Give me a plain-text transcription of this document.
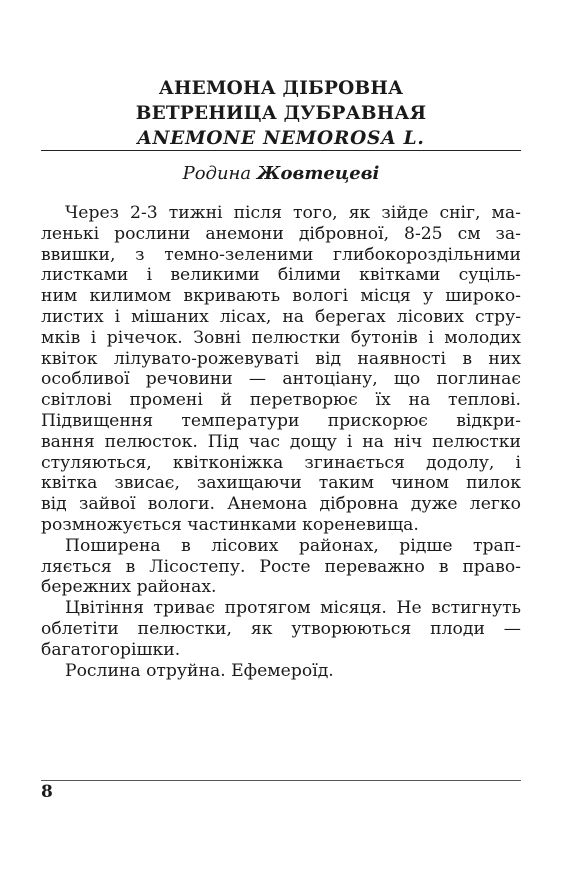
АНЕМОНА ДІБРОВНА
ВЕТРЕНИЦА ДУБРАВНАЯ
ANEMONE NEMOROSA L.
Родина Жовтецеві
Через 2-3 тижні після того, як зійде сніг, ма-
ленькі рослини анемони дібровної, 8-25 см за-
ввишки, з темно-зеленими глибокороздільними
листками і великими білими квітками суціль-
ним килимом вкривають вологі місця у широко-
листих і мішаних лісах, на берегах лісових стру-
мків і річечок. Зовні пелюстки бутонів і молодих
квіток лілувато-рожевуваті від наявності в них
особливої речовини — антоціану, що поглинає
світлові промені й перетворює їх на теплові.
Підвищення температури прискорює відкри-
вання пелюсток. Під час дощу і на ніч пелюстки
стуляються, квітконіжка згинається додолу, і
квітка звисає, захищаючи таким чином пилок
від зайвої вологи. Анемона дібровна дуже легко
розмножується частинками кореневища.
Поширена в лісових районах, рідше трап-
ляється в Лісостепу. Росте переважно в право-
бережних районах.
Цвітіння триває протягом місяця. Не встигнуть
облетіти пелюстки, як утворюються плоди —
багатогорішки.
Рослина отруйна. Ефемероїд.
8
